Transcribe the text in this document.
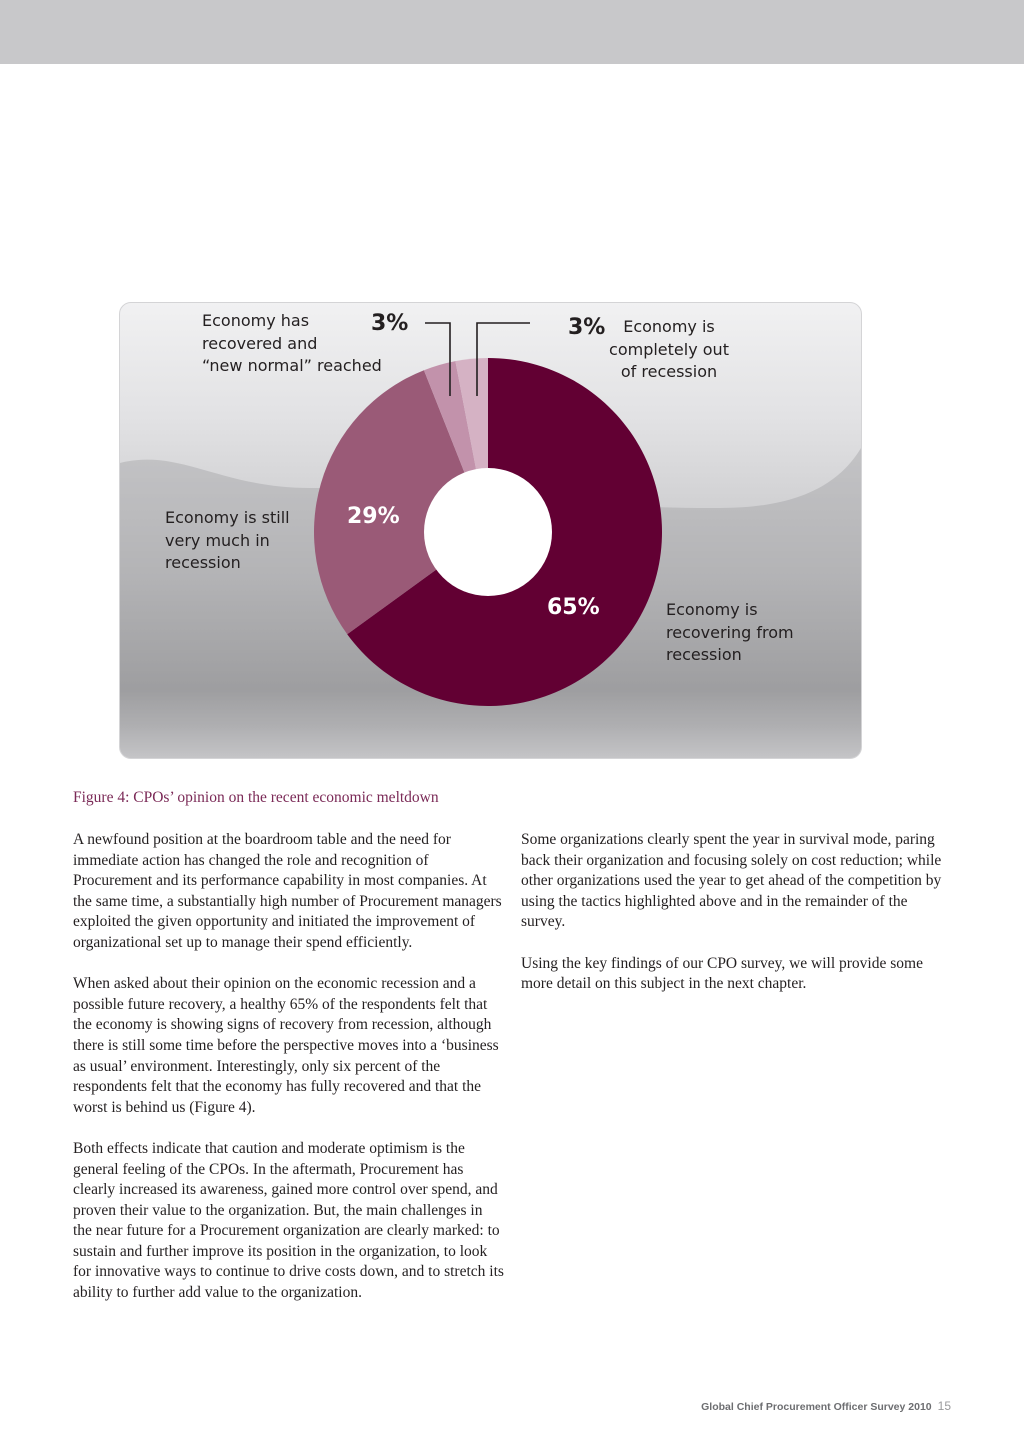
Economy has
recovered and
“new normal” reached
3%	3%	Economy is
completely out
of recession
Economy is still
very much in
recession
29%
65%	Economy is
recovering from
recession
Figure 4: CPOs’ opinion on the recent economic meltdown

A newfound position at the boardroom table and the need for immediate action has changed the role and recognition of Procurement and its performance capability in most companies. At the same time, a substantially high number of Procurement managers exploited the given opportunity and initiated the improvement of organizational set up to manage their spend efficiently.

When asked about their opinion on the economic recession and a possible future recovery, a healthy 65% of the respondents felt that the economy is showing signs of recovery from recession, although there is still some time before the perspective moves into a ‘business as usual’ environment. Interestingly, only six percent of the respondents felt that the economy has fully recovered and that the worst is behind us (Figure 4).

Both effects indicate that caution and moderate optimism is the general feeling of the CPOs. In the aftermath, Procurement has clearly increased its awareness, gained more control over spend, and proven their value to the organization. But, the main challenges in the near future for a Procurement organization are clearly marked: to sustain and further improve its position in the organization, to look for innovative ways to continue to drive costs down, and to stretch its ability to further add value to the organization.

Some organizations clearly spent the year in survival mode, paring back their organization and focusing solely on cost reduction; while other organizations used the year to get ahead of the competition by using the tactics highlighted above and in the remainder of the survey.

Using the key findings of our CPO survey, we will provide some more detail on this subject in the next chapter.

Global Chief Procurement Officer Survey 2010 15
